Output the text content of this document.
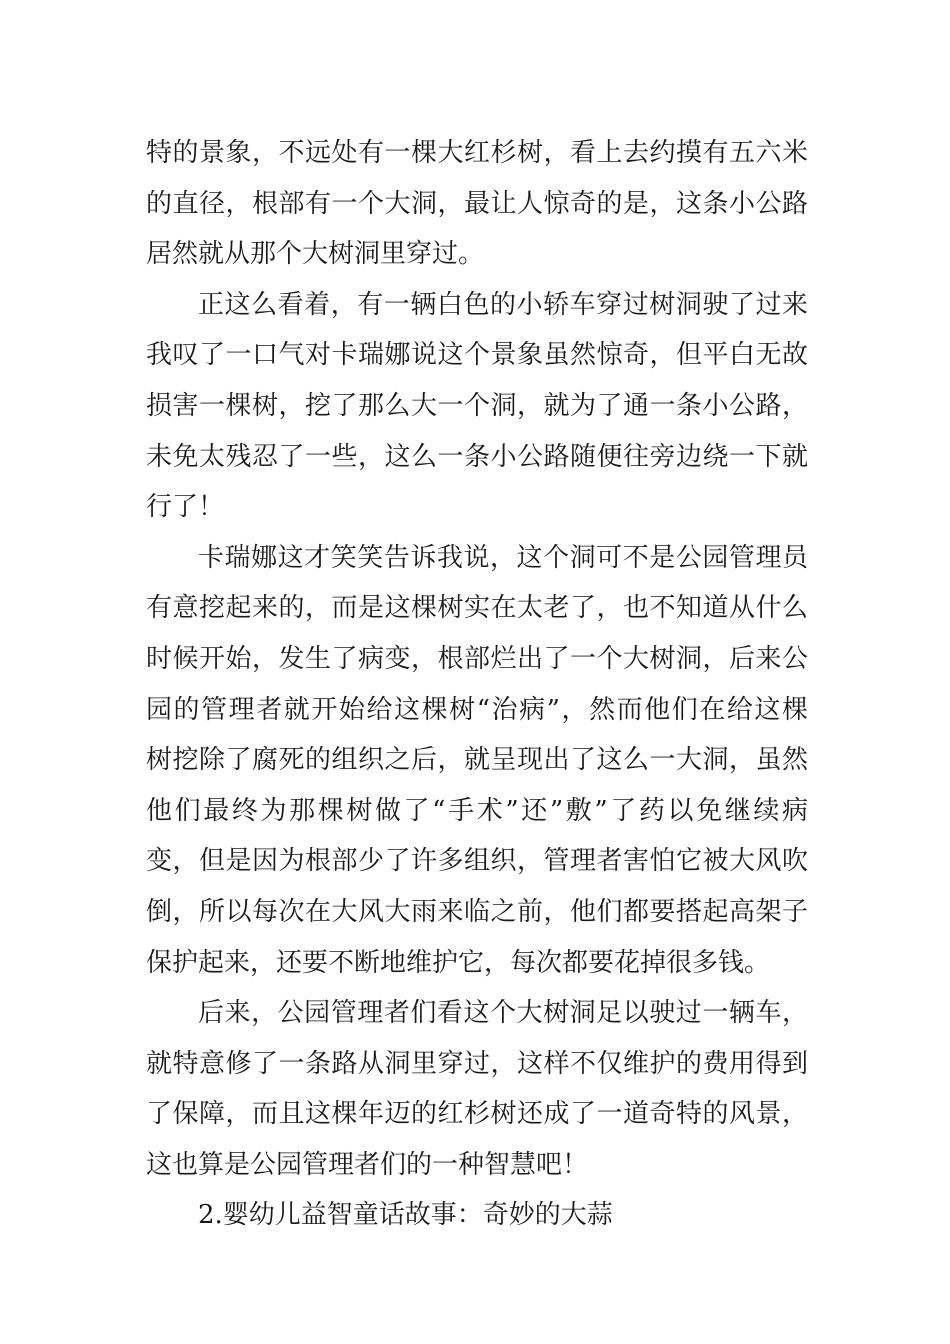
特的景象，不远处有一棵大红杉树，看上去约摸有五六米
的直径，根部有一个大洞，最让人惊奇的是，这条小公路
居然就从那个大树洞里穿过。
正这么看着，有一辆白色的小轿车穿过树洞驶了过来
我叹了一口气对卡瑞娜说这个景象虽然惊奇，但平白无故
损害一棵树，挖了那么大一个洞，就为了通一条小公路，
未免太残忍了一些，这么一条小公路随便往旁边绕一下就
行了！
卡瑞娜这才笑笑告诉我说，这个洞可不是公园管理员
有意挖起来的，而是这棵树实在太老了，也不知道从什么
时候开始，发生了病变，根部烂出了一个大树洞，后来公
园的管理者就开始给这棵树“治病”，然而他们在给这棵
树挖除了腐死的组织之后，就呈现出了这么一大洞，虽然
他们最终为那棵树做了“手术”还”敷”了药以免继续病
变，但是因为根部少了许多组织，管理者害怕它被大风吹
倒，所以每次在大风大雨来临之前，他们都要搭起高架子
保护起来，还要不断地维护它，每次都要花掉很多钱。
后来，公园管理者们看这个大树洞足以驶过一辆车，
就特意修了一条路从洞里穿过，这样不仅维护的费用得到
了保障，而且这棵年迈的红杉树还成了一道奇特的风景，
这也算是公园管理者们的一种智慧吧！
2.婴幼儿益智童话故事：奇妙的大蒜
